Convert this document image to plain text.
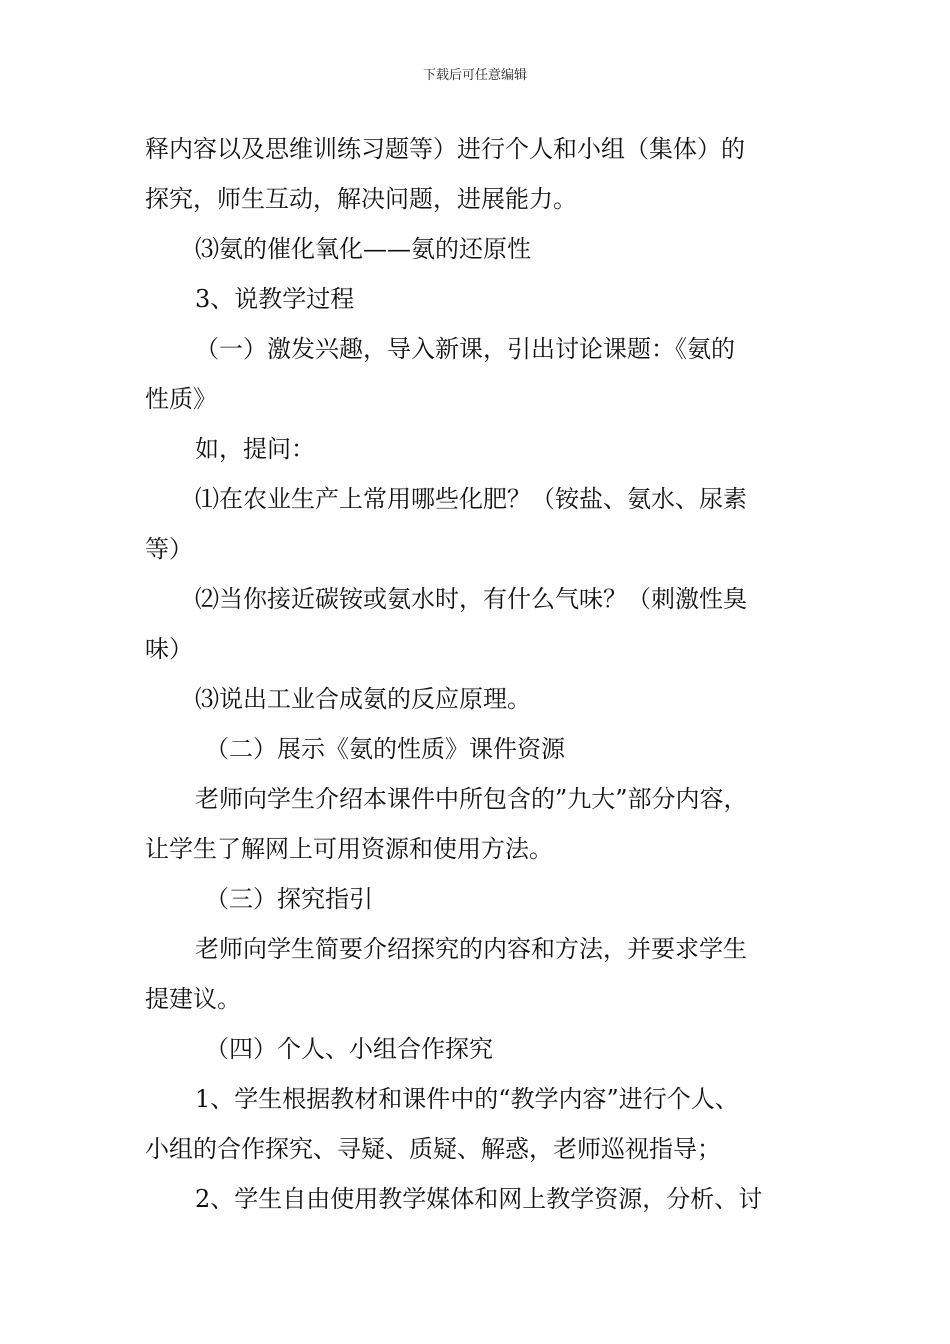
下载后可任意编辑
释内容以及思维训练习题等）进行个人和小组（集体）的
探究，师生互动，解决问题，进展能力。
⑶氨的催化氧化——氨的还原性
3、说教学过程
（一）激发兴趣，导入新课，引出讨论课题：《氨的
性质》
如，提问：
⑴在农业生产上常用哪些化肥？（铵盐、氨水、尿素
等）
⑵当你接近碳铵或氨水时，有什么气味？（刺激性臭
味）
⑶说出工业合成氨的反应原理。
（二）展示《氨的性质》课件资源
老师向学生介绍本课件中所包含的”九大”部分内容，
让学生了解网上可用资源和使用方法。
（三）探究指引
老师向学生简要介绍探究的内容和方法，并要求学生
提建议。
（四）个人、小组合作探究
1、学生根据教材和课件中的“教学内容”进行个人、
小组的合作探究、寻疑、质疑、解惑，老师巡视指导；
2、学生自由使用教学媒体和网上教学资源，分析、讨
